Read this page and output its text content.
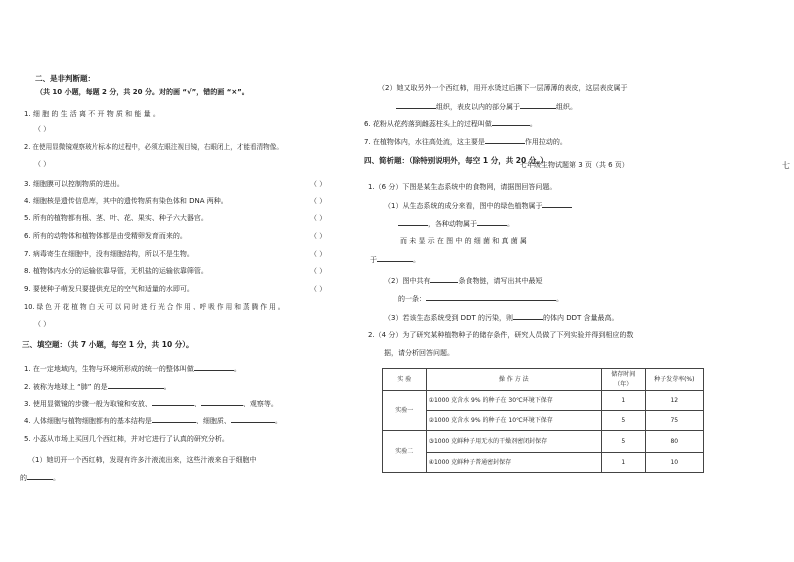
二、是非判断题：
（共 10 小题，每题 2 分，共 20 分。对的画 “√”，错的画 “×”。
1. 细 胞 的 生 活 离 不 开 物 质 和 能 量 。
（ ）
2. 在使用显微镜观察玻片标本的过程中，必须左眼注视目镜，右眼闭上，才能看清物像。
（ ）
3. 细胞膜可以控制物质的进出。	（ ）
4. 细胞核是遗传信息库，其中的遗传物质有染色体和 DNA 两种。	（ ）
5. 所有的植物都有根、茎、叶、花、果实、种子六大器官。	（ ）
6. 所有的动物体和植物体都是由受精卵发育而来的。	（ ）
7. 病毒寄生在细胞中，没有细胞结构，所以不是生物。	（ ）
8. 植物体内水分的运输依靠导管，无机盐的运输依靠筛管。	（ ）
9. 要使种子萌发只要提供充足的空气和适量的水即可。	（ ）
10. 绿 色 开 花 植 物 白 天 可 以 同 时 进 行 光 合 作 用 、呼 吸 作 用 和 蒸 腾 作 用 。
（ ）
三、填空题：（共 7 小题，每空 1 分，共 10 分）。
1. 在一定地域内，生物与环境所形成的统一的整体叫做	。
2. 被称为地球上 “肺” 的是	。
3. 使用显微镜的步骤一般为取镜和安放、	、	、观察等。
4. 人体细胞与植物细胞都有的基本结构是	、细胞质、	。
5. 小蕊从市场上买回几个西红柿，并对它进行了认真的研究分析。
（1）她切开一个西红柿，发现有许多汁液流出来，这些汁液来自于细胞中
的	。
（2）她又取另外一个西红柿，用开水烫过后撕下一层薄薄的表皮，这层表皮属于
组织，表皮以内的部分属于	组织。
6. 花粉从花药落到雌蕊柱头上的过程叫做	。
7. 在植物体内，水往高处流，这主要是	作用拉动的。
四、简析题：（除特别说明外，每空 1 分，共 20 分。）
1.（6 分）下图是某生态系统中的食物网，请据图回答问题。
（1）从生态系统的成分来看，图中的绿色植物属于
，各种动物属于	。
而 未 显 示 在 图 中 的 细 菌 和 真 菌 属
于	。
（2）图中共有	条食物链，请写出其中最短
的一条：	。
（3）若该生态系统受到 DDT 的污染，则	的体内 DDT 含量最高。
2.（4 分）为了研究某种植物种子的储存条件，研究人员做了下列实验并得到相应的数
据，请分析回答问题。
实 验	操 作 方 法	储存时间（年）	种子发芽率(%)
实验一	①1000 克含水 9% 的种子在 30℃环境下保存	1	12
	②1000 克含水 9% 的种子在 10℃环境下保存	5	75
实验二	③1000 克鲜种子用无水的干燥剂密闭封保存	5	80
	④1000 克鲜种子普通密封保存	1	10
七年级生物试题第 3 页（共 6 页）	七
